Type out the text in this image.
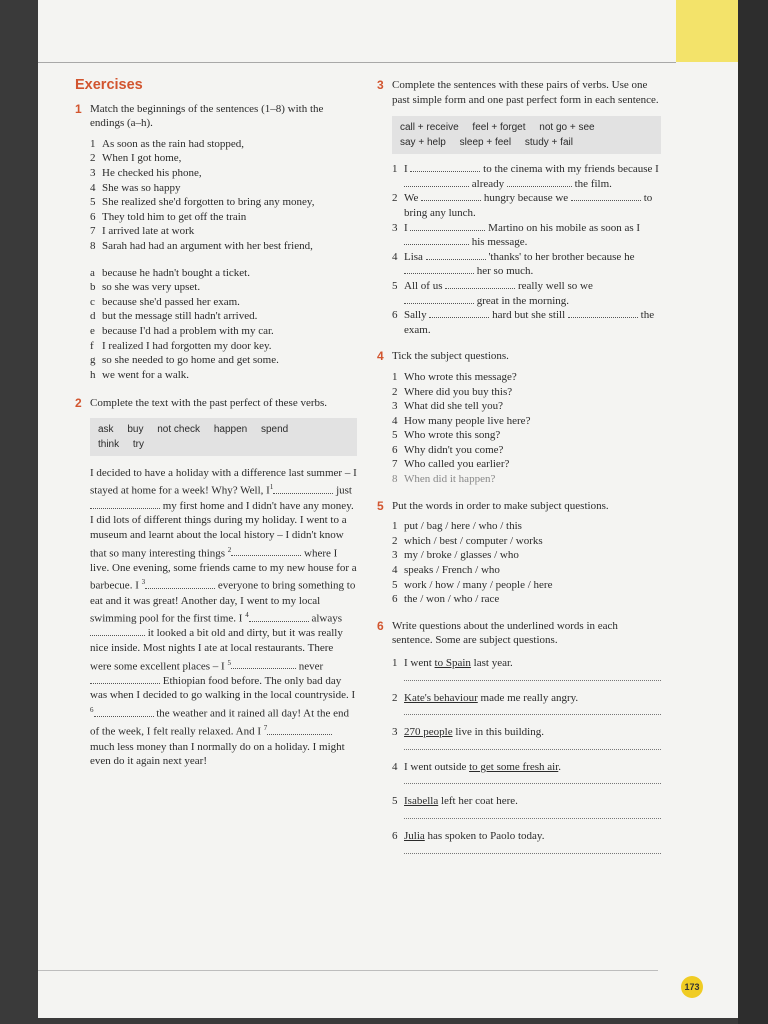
173
Exercises
1 Match the beginnings of the sentences (1–8) with the endings (a–h).
1 As soon as the rain had stopped,
2 When I got home,
3 He checked his phone,
4 She was so happy
5 She realized she'd forgotten to bring any money,
6 They told him to get off the train
7 I arrived late at work
8 Sarah had had an argument with her best friend,
a because he hadn't bought a ticket.
b so she was very upset.
c because she'd passed her exam.
d but the message still hadn't arrived.
e because I'd had a problem with my car.
f I realized I had forgotten my door key.
g so she needed to go home and get some.
h we went for a walk.
2 Complete the text with the past perfect of these verbs.
ask buy not check happen spend
think try
I decided to have a holiday with a difference last summer – I stayed at home for a week! Why? Well, $I^1$	just  my first home and I didn't have any money. I did lots of different things during my holiday. I went to a museum and learnt about the local history – I didn't know that so many interesting things $^2$	where I live. One evening, some friends came to my new house for a barbecue. I $^3$	everyone to bring something to eat and it was great! Another day, I went to my local swimming pool for the first time. I $^4$	always  it looked a bit old and dirty, but it was really nice inside. Most nights I ate at local restaurants. There were some excellent places – I $^5$	never  Ethiopian food before. The only bad day was when I decided to go walking in the local countryside. I $^6$	the weather and it rained all day! At the end of the week, I felt really relaxed. And I $^7$ much less money than I normally do on a holiday. I might even do it again next year!
3 Complete the sentences with these pairs of verbs. Use one past simple form and one past perfect form in each sentence.
call + receive feel + forget not go + see
say + help sleep + feel study + fail
1 I	to the cinema with my friends because I  already	the film.
2 We	hungry because we	to bring any lunch.
3 I	Martino on his mobile as soon as I  his message.
4 Lisa	'thanks' to her brother because he  her so much.
5 All of us	really well so we  great in the morning.
6 Sally	hard but she still	the exam.
4 Tick the subject questions.
1 Who wrote this message?
2 Where did you buy this?
3 What did she tell you?
4 How many people live here?
5 Who wrote this song?
6 Why didn't you come?
7 Who called you earlier?
8 When did it happen?
5 Put the words in order to make subject questions.
1 put / bag / here / who / this
2 which / best / computer / works
3 my / broke / glasses / who
4 speaks / French / who
5 work / how / many / people / here
6 the / won / who / race
6 Write questions about the underlined words in each sentence. Some are subject questions.
1 I went to Spain last year.
2 Kate's behaviour made me really angry.
3 270 people live in this building.
4 I went outside to get some fresh air.
5 Isabella left her coat here.
6 Julia has spoken to Paolo today.
